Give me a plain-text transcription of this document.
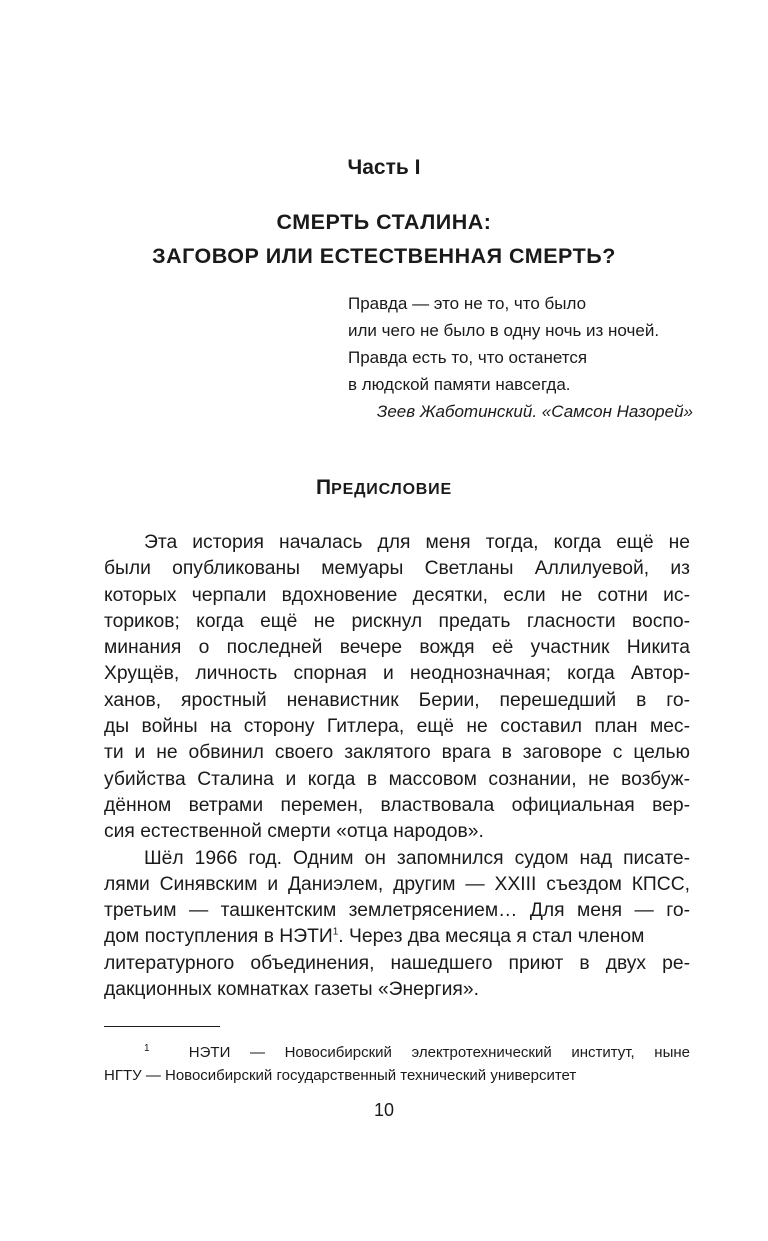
Часть I
СМЕРТЬ СТАЛИНА:
ЗАГОВОР ИЛИ ЕСТЕСТВЕННАЯ СМЕРТЬ?
Правда — это не то, что было
или чего не было в одну ночь из ночей.
Правда есть то, что останется
в людской памяти навсегда.
Зеев Жаботинский. «Самсон Назорей»
ПРЕДИСЛОВИЕ
Эта история началась для меня тогда, когда ещё не
были опубликованы мемуары Светланы Аллилуевой, из
которых черпали вдохновение десятки, если не сотни ис-
ториков; когда ещё не рискнул предать гласности воспо-
минания о последней вечере вождя её участник Никита
Хрущёв, личность спорная и неоднозначная; когда Автор-
ханов, яростный ненавистник Берии, перешедший в го-
ды войны на сторону Гитлера, ещё не составил план мес-
ти и не обвинил своего заклятого врага в заговоре с целью
убийства Сталина и когда в массовом сознании, не возбуж-
дённом ветрами перемен, властвовала официальная вер-
сия естественной смерти «отца народов».
Шёл 1966 год. Одним он запомнился судом над писате-
лями Синявским и Даниэлем, другим — XXIII съездом КПСС,
третьим — ташкентским землетрясением… Для меня — го-
дом поступления в НЭТИ$^1$. Через два месяца я стал членом
литературного объединения, нашедшего приют в двух ре-
дакционных комнатках газеты «Энергия».
$^1$	НЭТИ — Новосибирский электротехнический институт, ныне
НГТУ — Новосибирский государственный технический университет
10
